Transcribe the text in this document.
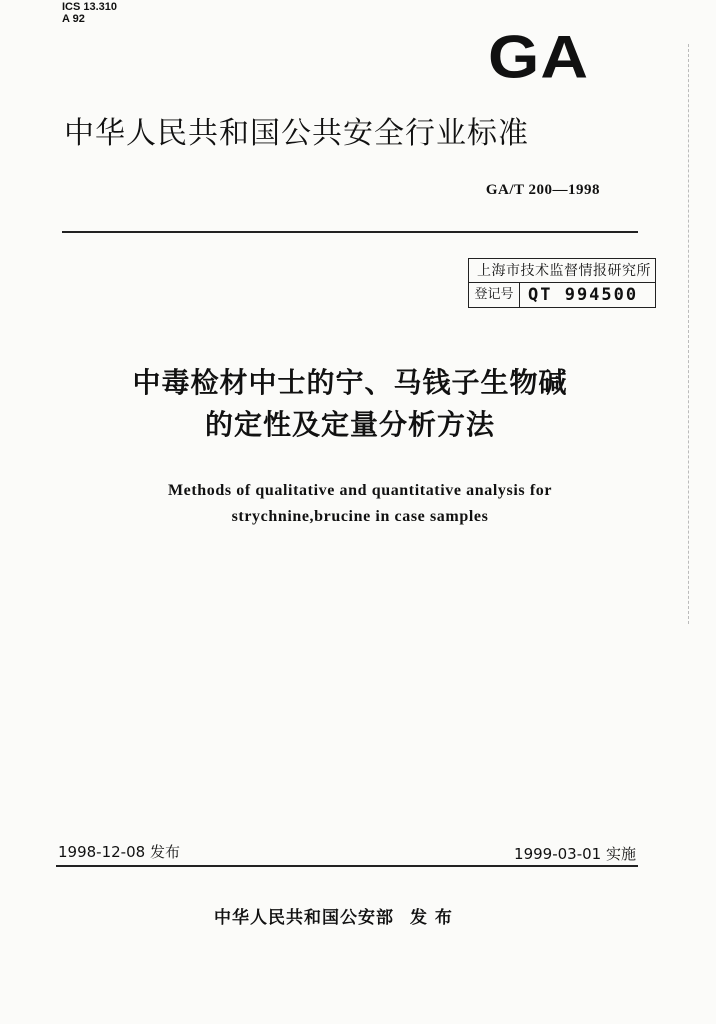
ICS 13.310
A 92
GA
中华人民共和国公共安全行业标准
GA/T 200—1998
上海市技术监督情报研究所
登记号 QT 994500
中毒检材中士的宁、马钱子生物碱
的定性及定量分析方法
Methods of qualitative and quantitative analysis for
strychnine,brucine in case samples
1998-12-08 发布	1999-03-01 实施
中华人民共和国公安部 发 布
